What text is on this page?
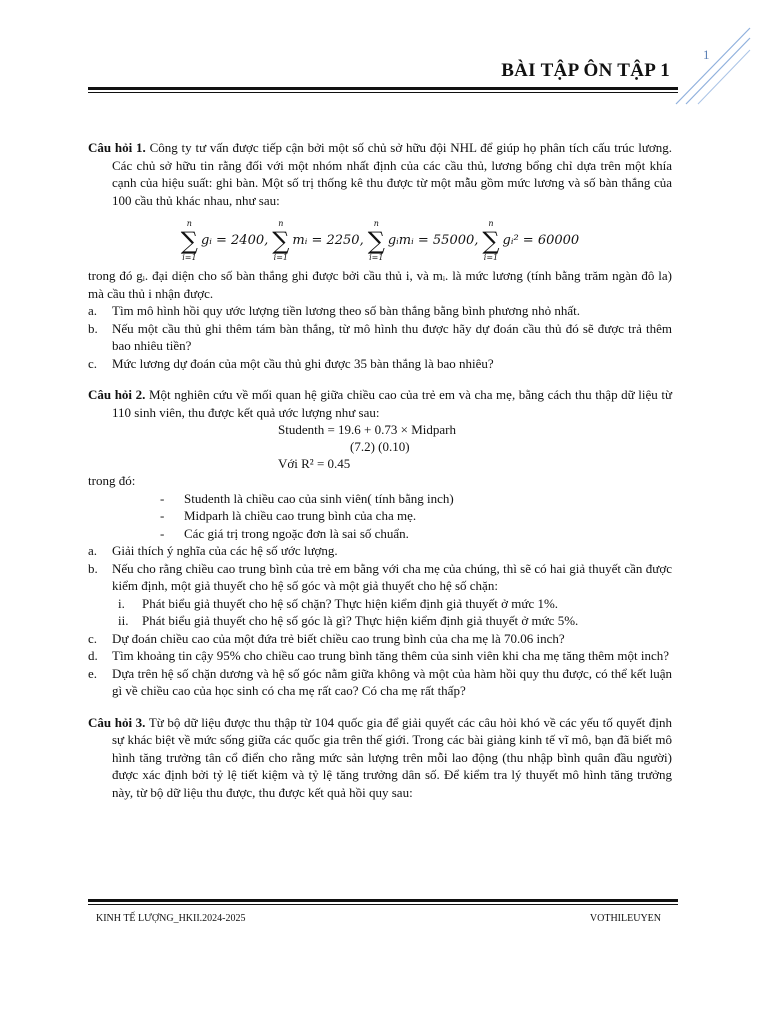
1
BÀI TẬP ÔN TẬP 1
Câu hỏi 1. Công ty tư vấn được tiếp cận bởi một số chủ sở hữu đội NHL để giúp họ phân tích cấu trúc lương. Các chủ sở hữu tin rằng đối với một nhóm nhất định của các cầu thủ, lương bổng chỉ dựa trên một khía cạnh của hiệu suất: ghi bàn. Một số trị thống kê thu được từ một mẫu gồm mức lương và số bàn thắng của 100 cầu thủ khác nhau, như sau:
n
∑
i=1
gᵢ = 2400,
n
∑
i=1
mᵢ = 2250,
n
∑
i=1
gᵢmᵢ = 55000,
n
∑
i=1
gᵢ² = 60000
trong đó gᵢ. đại diện cho số bàn thắng ghi được bởi cầu thủ i, và mᵢ. là mức lương (tính bằng trăm ngàn đô la) mà cầu thủ i nhận được.
a.	Tìm mô hình hồi quy ước lượng tiền lương theo số bàn thắng bằng bình phương nhỏ nhất.
b.	Nếu một cầu thủ ghi thêm tám bàn thắng, từ mô hình thu được hãy dự đoán cầu thủ đó sẽ được trả thêm bao nhiêu tiền?
c.	Mức lương dự đoán của một cầu thủ ghi được 35 bàn thắng là bao nhiêu?
Câu hỏi 2. Một nghiên cứu về mối quan hệ giữa chiều cao của trẻ em và cha mẹ, bằng cách thu thập dữ liệu từ 110 sinh viên, thu được kết quả ước lượng như sau:
Studenth = 19.6 + 0.73 × Midparh
(7.2) (0.10)
Với R² = 0.45
trong đó:
-	Studenth là chiều cao của sinh viên( tính bằng inch)
-	Midparh là chiều cao trung bình của cha mẹ.
-	Các giá trị trong ngoặc đơn là sai số chuẩn.
a.	Giải thích ý nghĩa của các hệ số ước lượng.
b.	Nếu cho rằng chiều cao trung bình của trẻ em bằng với cha mẹ của chúng, thì sẽ có hai giả thuyết cần được kiểm định, một giả thuyết cho hệ số góc và một giả thuyết cho hệ số chặn:
i.	Phát biểu giả thuyết cho hệ số chặn? Thực hiện kiểm định giả thuyết ở mức 1%.
ii.	Phát biểu giả thuyết cho hệ số góc là gì? Thực hiện kiểm định giả thuyết ở mức 5%.
c.	Dự đoán chiều cao của một đứa trẻ biết chiều cao trung bình của cha mẹ là 70.06 inch?
d.	Tìm khoảng tin cậy 95% cho chiều cao trung bình tăng thêm của sinh viên khi cha mẹ tăng thêm một inch?
e.	Dựa trên hệ số chặn dương và hệ số góc nằm giữa không và một của hàm hồi quy thu được, có thể kết luận gì về chiều cao của học sinh có cha mẹ rất cao? Có cha mẹ rất thấp?
Câu hỏi 3. Từ bộ dữ liệu được thu thập từ 104 quốc gia để giải quyết các câu hỏi khó về các yếu tố quyết định sự khác biệt về mức sống giữa các quốc gia trên thế giới. Trong các bài giảng kinh tế vĩ mô, bạn đã biết mô hình tăng trưởng tân cổ điển cho rằng mức sản lượng trên mỗi lao động (thu nhập bình quân đầu người) được xác định bởi tỷ lệ tiết kiệm và tỷ lệ tăng trưởng dân số. Để kiểm tra lý thuyết mô hình tăng trưởng này, từ bộ dữ liệu thu được, thu được kết quả hồi quy sau:
KINH TẾ LƯỢNG_HKII.2024-2025	VOTHILEUYEN
